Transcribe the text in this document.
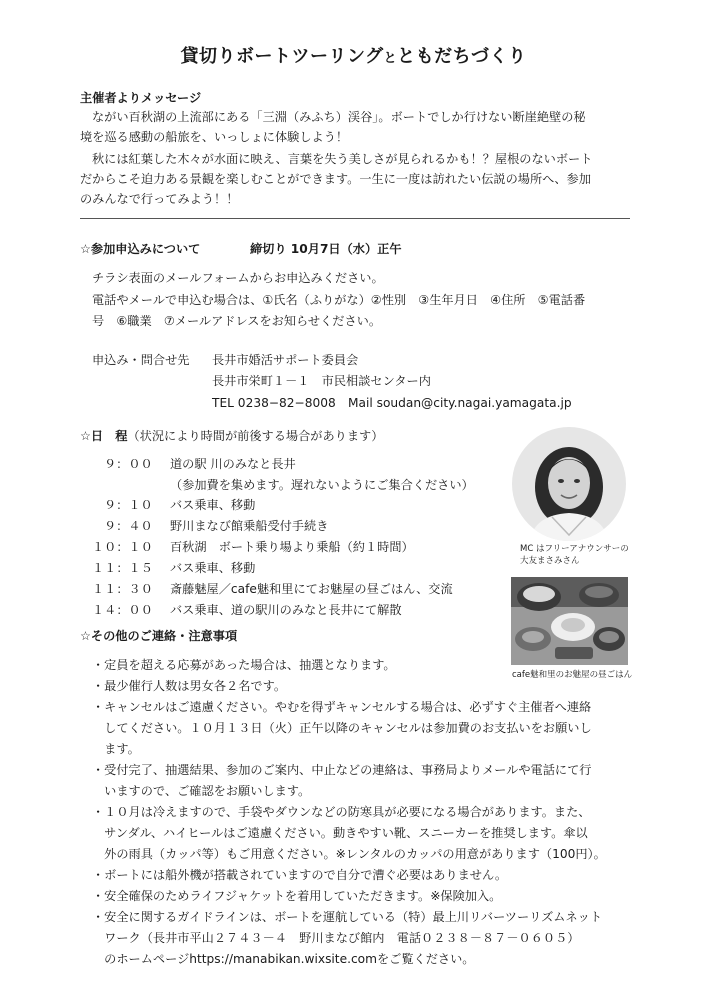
貸切りボートツーリングとともだちづくり
主催者よりメッセージ
ながい百秋湖の上流部にある「三淵（みふち）渓谷」。ボートでしか行けない断崖絶壁の秘
境を巡る感動の船旅を、いっしょに体験しよう！
秋には紅葉した木々が水面に映え、言葉を失う美しさが見られるかも！？屋根のないボート
だからこそ迫力ある景観を楽しむことができます。一生に一度は訪れたい伝説の場所へ、参加
のみんなで行ってみよう！！
☆参加申込みについて	締切り 10月7日（水）正午
チラシ表面のメールフォームからお申込みください。
電話やメールで申込む場合は、①氏名（ふりがな）②性別　③生年月日　④住所　⑤電話番
号　⑥職業　⑦メールアドレスをお知らせください。
申込み・問合せ先 長井市婚活サポート委員会
長井市栄町１－１　市民相談センター内
TEL 0238−82−8008　Mail soudan@city.nagai.yamagata.jp
☆日　程（状況により時間が前後する場合があります）
９：００	道の駅 川のみなと長井
（参加費を集めます。遅れないようにご集合ください）
９：１０ バス乗車、移動
９：４０ 野川まなび館乗船受付手続き
１０：１０ 百秋湖　ボート乗り場より乗船（約１時間）
１１：１５ バス乗車、移動
１１：３０ 斎藤魅屋／cafe魅和里にてお魅屋の昼ごはん、交流
１４：００ バス乗車、道の駅川のみなと長井にて解散
MC はフリーアナウンサーの
大友まさみさん
cafe魅和里のお魅屋の昼ごはん
☆その他のご連絡・注意事項
・定員を超える応募があった場合は、抽選となります。
・最少催行人数は男女各２名です。
・キャンセルはご遠慮ください。やむを得ずキャンセルする場合は、必ずすぐ主催者へ連絡
　してください。１０月１３日（火）正午以降のキャンセルは参加費のお支払いをお願いし
　ます。
・受付完了、抽選結果、参加のご案内、中止などの連絡は、事務局よりメールや電話にて行
　いますので、ご確認をお願いします。
・１０月は冷えますので、手袋やダウンなどの防寒具が必要になる場合があります。また、
　サンダル、ハイヒールはご遠慮ください。動きやすい靴、スニーカーを推奨します。傘以
　外の雨具（カッパ等）もご用意ください。※レンタルのカッパの用意があります（100円）。
・ボートには船外機が搭載されていますので自分で漕ぐ必要はありません。
・安全確保のためライフジャケットを着用していただきます。※保険加入。
・安全に関するガイドラインは、ボートを運航している（特）最上川リバーツーリズムネット
　ワーク（長井市平山２７４３－４　野川まなび館内　電話０２３８－８７－０６０５）
　のホームページhttps://manabikan.wixsite.comをご覧ください。
